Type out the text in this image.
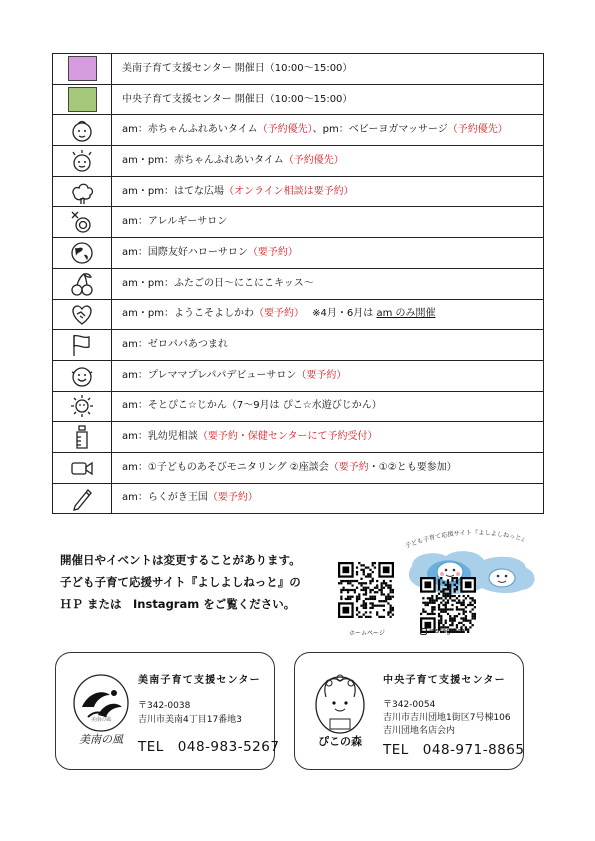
	美南子育て支援センター 開催日（10:00〜15:00）
	中央子育て支援センター 開催日（10:00〜15:00）
	am：赤ちゃんふれあいタイム（予約優先）、pm：ベビーヨガマッサージ（予約優先）
	am・pm：赤ちゃんふれあいタイム（予約優先）
	am・pm：はてな広場（オンライン相談は要予約）
	am：アレルギーサロン
	am：国際友好ハローサロン（要予約）
	am・pm：ふたごの日〜にこにこキッス〜
	am・pm：ようこそよしかわ（要予約）　 ※4月・6月は am のみ開催
	am：ゼロパパあつまれ
	am：プレママプレパパデビューサロン（要予約）
	am：そとぴこ☆じかん（7〜9月は ぴこ☆水遊びじかん）
	am：乳幼児相談（要予約・保健センターにて予約受付）
	am：①子どものあそびモニタリング ②座談会（要予約・①②とも要参加）
	am：らくがき王国（要予約）
開催日やイベントは変更することがあります。
子ども子育て応援サイト『よしよしねっと』の
ＨＰ または　Instagram をご覧ください。
子ども子育て応援サイト『よしよしねっと』
ホームページ	instagram
美南の風
美南の風
美南子育て支援センター
〒342-0038
吉川市美南4丁目17番地3
TEL　048-983-5267	ぴこの森
中央子育て支援センター
〒342-0054
吉川市吉川団地1街区7号棟106
吉川団地名店会内
TEL　048-971-8865
